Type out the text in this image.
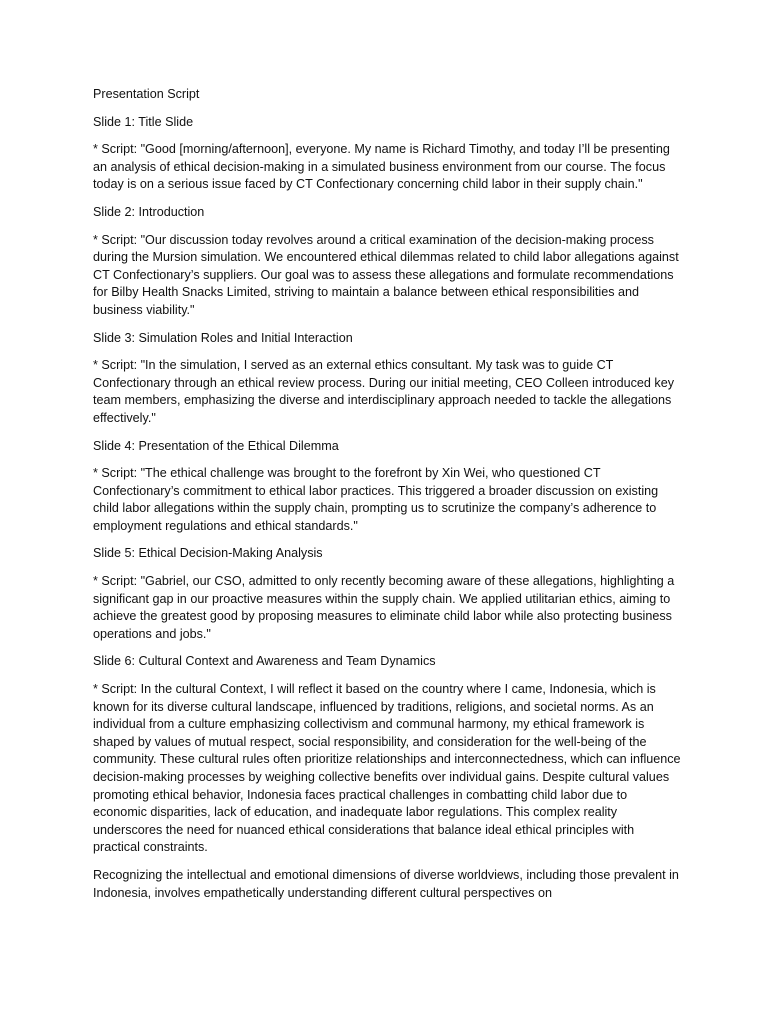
Presentation Script

Slide 1: Title Slide

* Script: "Good [morning/afternoon], everyone. My name is Richard Timothy, and today I’ll be presenting an analysis of ethical decision-making in a simulated business environment from our course. The focus today is on a serious issue faced by CT Confectionary concerning child labor in their supply chain."

Slide 2: Introduction

* Script: "Our discussion today revolves around a critical examination of the decision-making process during the Mursion simulation. We encountered ethical dilemmas related to child labor allegations against CT Confectionary’s suppliers. Our goal was to assess these allegations and formulate recommendations for Bilby Health Snacks Limited, striving to maintain a balance between ethical responsibilities and business viability."

Slide 3: Simulation Roles and Initial Interaction

* Script: "In the simulation, I served as an external ethics consultant. My task was to guide CT Confectionary through an ethical review process. During our initial meeting, CEO Colleen introduced key team members, emphasizing the diverse and interdisciplinary approach needed to tackle the allegations effectively."

Slide 4: Presentation of the Ethical Dilemma

* Script: "The ethical challenge was brought to the forefront by Xin Wei, who questioned CT Confectionary’s commitment to ethical labor practices. This triggered a broader discussion on existing child labor allegations within the supply chain, prompting us to scrutinize the company’s adherence to employment regulations and ethical standards."

Slide 5: Ethical Decision-Making Analysis

* Script: "Gabriel, our CSO, admitted to only recently becoming aware of these allegations, highlighting a significant gap in our proactive measures within the supply chain. We applied utilitarian ethics, aiming to achieve the greatest good by proposing measures to eliminate child labor while also protecting business operations and jobs."

Slide 6: Cultural Context and Awareness and Team Dynamics

* Script: In the cultural Context, I will reflect it based on the country where I came, Indonesia, which is known for its diverse cultural landscape, influenced by traditions, religions, and societal norms. As an individual from a culture emphasizing collectivism and communal harmony, my ethical framework is shaped by values of mutual respect, social responsibility, and consideration for the well-being of the community. These cultural rules often prioritize relationships and interconnectedness, which can influence decision-making processes by weighing collective benefits over individual gains. Despite cultural values promoting ethical behavior, Indonesia faces practical challenges in combatting child labor due to economic disparities, lack of education, and inadequate labor regulations. This complex reality underscores the need for nuanced ethical considerations that balance ideal ethical principles with practical constraints.

Recognizing the intellectual and emotional dimensions of diverse worldviews, including those prevalent in Indonesia, involves empathetically understanding different cultural perspectives on
